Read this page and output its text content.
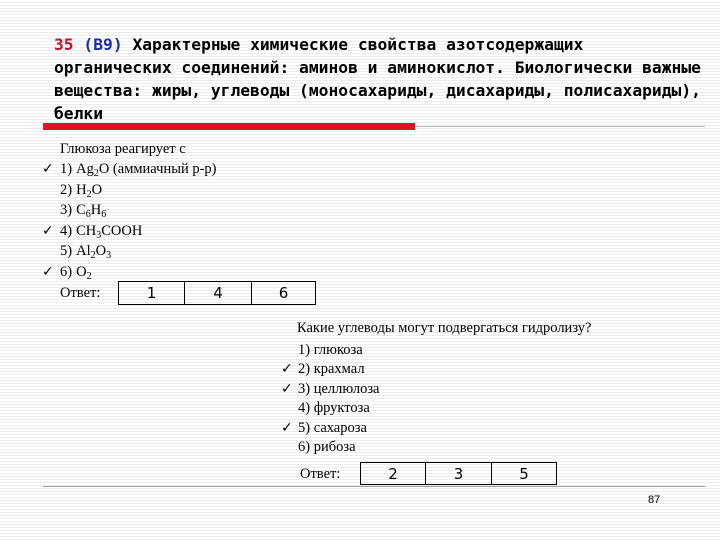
35 (B9) Характерные химические свойства азотсодержащих органических соединений: аминов и аминокислот. Биологически важные вещества: жиры, углеводы (моносахариды, дисахариды, полисахариды), белки
Глюкоза реагирует с
✓ 1) $Ag_2O$ (аммиачный р-р)
2) $H_2O$
3) $C_6H_6$
✓ 4) $CH_3COOH$
5) $Al_2O_3$
✓ 6) $O_2$
Ответ:	1	4	6
Какие углеводы могут подвергаться гидролизу?
1) глюкоза
✓ 2) крахмал
✓ 3) целлюлоза
4) фруктоза
✓ 5) сахароза
6) рибоза
Ответ:	2	3	5
87
